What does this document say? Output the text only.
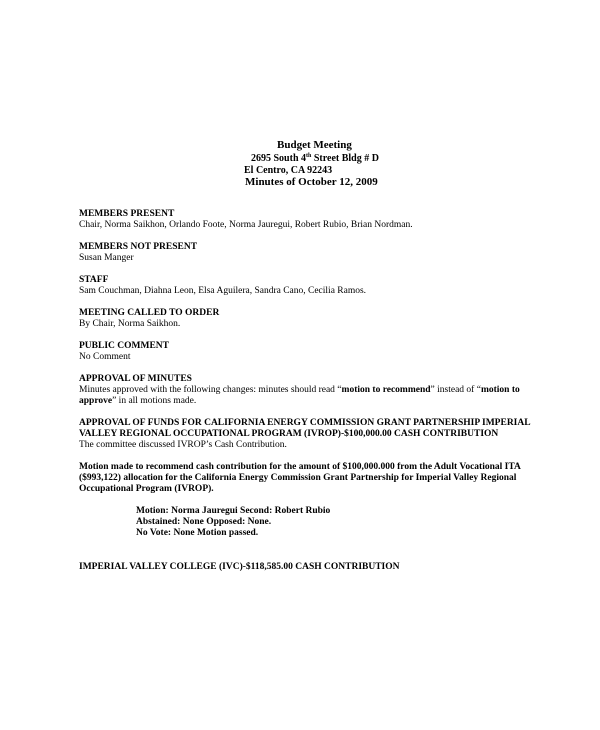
Budget Meeting
2695 South 4th Street Bldg # D
El Centro, CA 92243
Minutes of October 12, 2009
MEMBERS PRESENT
Chair, Norma Saikhon, Orlando Foote, Norma Jauregui, Robert Rubio, Brian Nordman.
MEMBERS NOT PRESENT
Susan Manger
STAFF
Sam Couchman, Diahna Leon, Elsa Aguilera, Sandra Cano, Cecilia Ramos.
MEETING CALLED TO ORDER
By Chair, Norma Saikhon.
PUBLIC COMMENT
No Comment
APPROVAL OF MINUTES
Minutes approved with the following changes: minutes should read “motion to recommend” instead of “motion to approve” in all motions made.
APPROVAL OF FUNDS FOR CALIFORNIA ENERGY COMMISSION GRANT PARTNERSHIP IMPERIAL VALLEY REGIONAL OCCUPATIONAL PROGRAM (IVROP)-$100,000.00 CASH CONTRIBUTION
The committee discussed IVROP’s Cash Contribution.
Motion made to recommend cash contribution for the amount of $100,000.000 from the Adult Vocational ITA ($993,122) allocation for the California Energy Commission Grant Partnership for Imperial Valley Regional Occupational Program (IVROP).
Motion: Norma Jauregui Second: Robert Rubio
Abstained: None Opposed: None.
No Vote: None Motion passed.
IMPERIAL VALLEY COLLEGE (IVC)-$118,585.00 CASH CONTRIBUTION
